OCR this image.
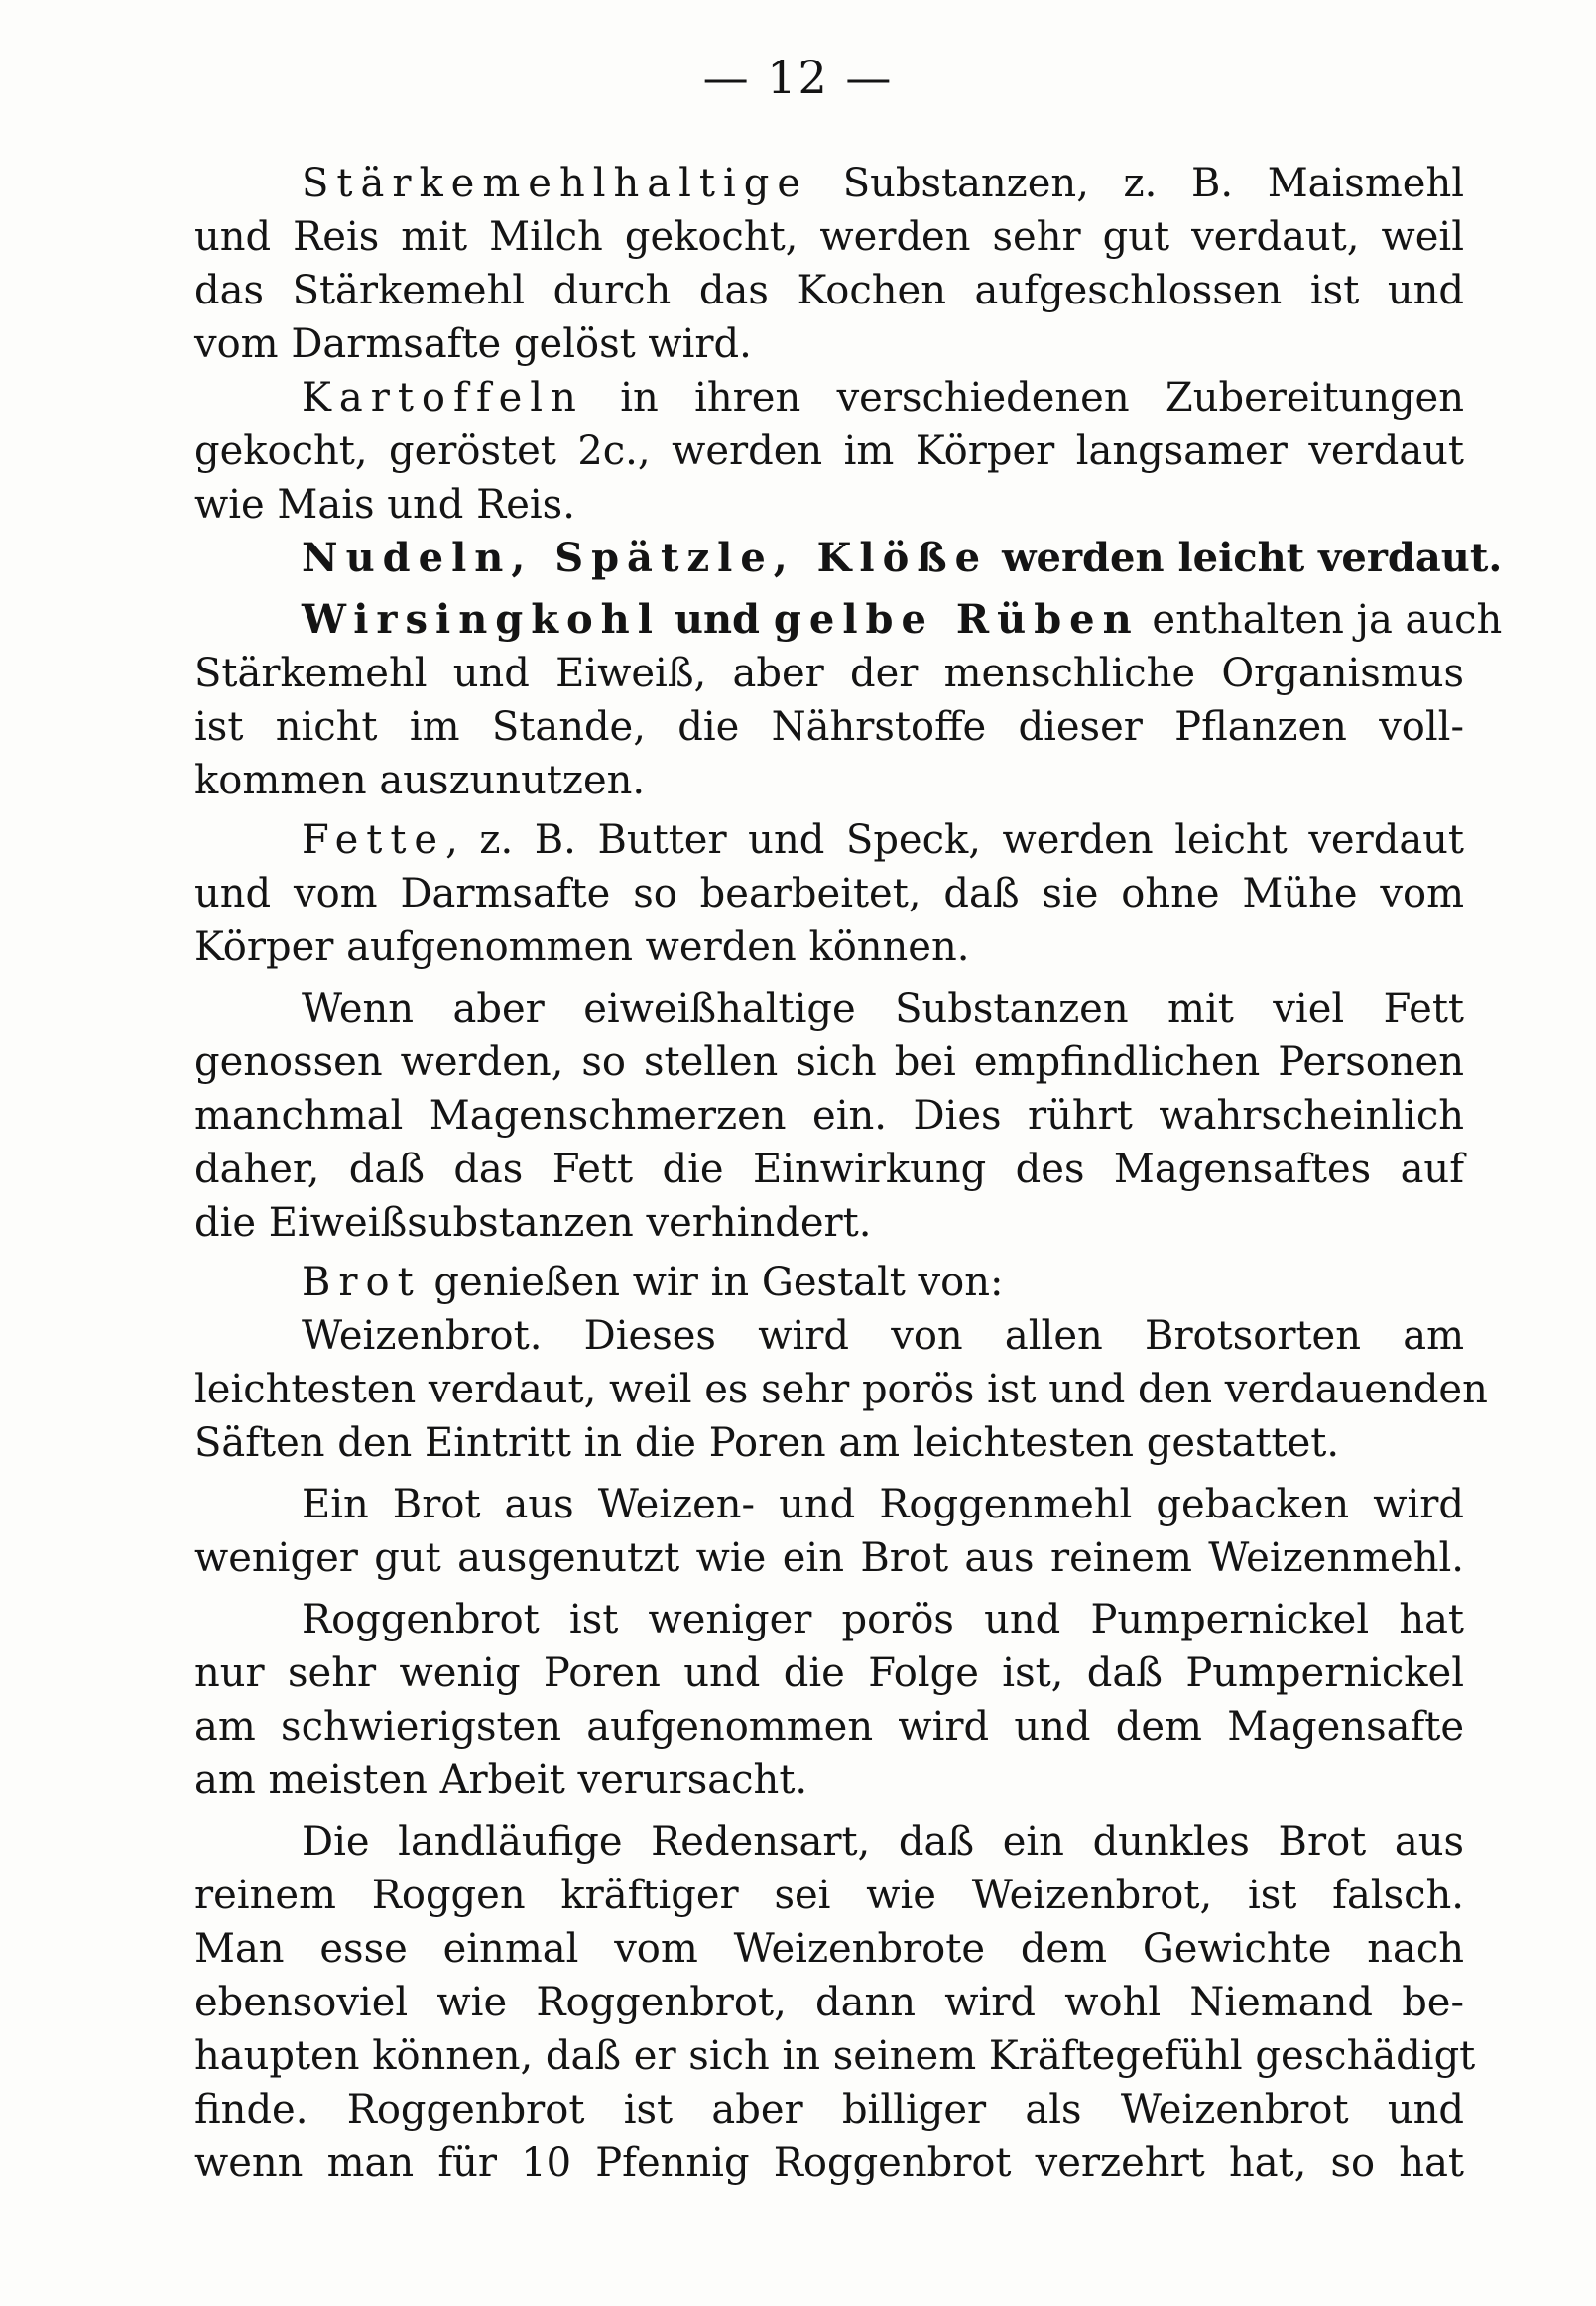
— 12 —
Stärkemehlhaltige Substanzen, z. B. Maismehl
und Reis mit Milch gekocht, werden sehr gut verdaut, weil
das Stärkemehl durch das Kochen aufgeschlossen ist und
vom Darmsafte gelöst wird.
Kartoffeln in ihren verschiedenen Zubereitungen
gekocht, geröstet 2c., werden im Körper langsamer verdaut
wie Mais und Reis.
Nudeln, Spätzle, Klöße werden leicht verdaut.
Wirsingkohl und gelbe Rüben enthalten ja auch
Stärkemehl und Eiweiß, aber der menschliche Organismus
ist nicht im Stande, die Nährstoffe dieser Pflanzen voll-
kommen auszunutzen.
Fette, z. B. Butter und Speck, werden leicht verdaut
und vom Darmsafte so bearbeitet, daß sie ohne Mühe vom
Körper aufgenommen werden können.
Wenn aber eiweißhaltige Substanzen mit viel Fett
genossen werden, so stellen sich bei empfindlichen Personen
manchmal Magenschmerzen ein. Dies rührt wahrscheinlich
daher, daß das Fett die Einwirkung des Magensaftes auf
die Eiweißsubstanzen verhindert.
Brot genießen wir in Gestalt von:
Weizenbrot. Dieses wird von allen Brotsorten am
leichtesten verdaut, weil es sehr porös ist und den verdauenden
Säften den Eintritt in die Poren am leichtesten gestattet.
Ein Brot aus Weizen- und Roggenmehl gebacken wird
weniger gut ausgenutzt wie ein Brot aus reinem Weizenmehl.
Roggenbrot ist weniger porös und Pumpernickel hat
nur sehr wenig Poren und die Folge ist, daß Pumpernickel
am schwierigsten aufgenommen wird und dem Magensafte
am meisten Arbeit verursacht.
Die landläufige Redensart, daß ein dunkles Brot aus
reinem Roggen kräftiger sei wie Weizenbrot, ist falsch.
Man esse einmal vom Weizenbrote dem Gewichte nach
ebensoviel wie Roggenbrot, dann wird wohl Niemand be-
haupten können, daß er sich in seinem Kräftegefühl geschädigt
finde. Roggenbrot ist aber billiger als Weizenbrot und
wenn man für 10 Pfennig Roggenbrot verzehrt hat, so hat
